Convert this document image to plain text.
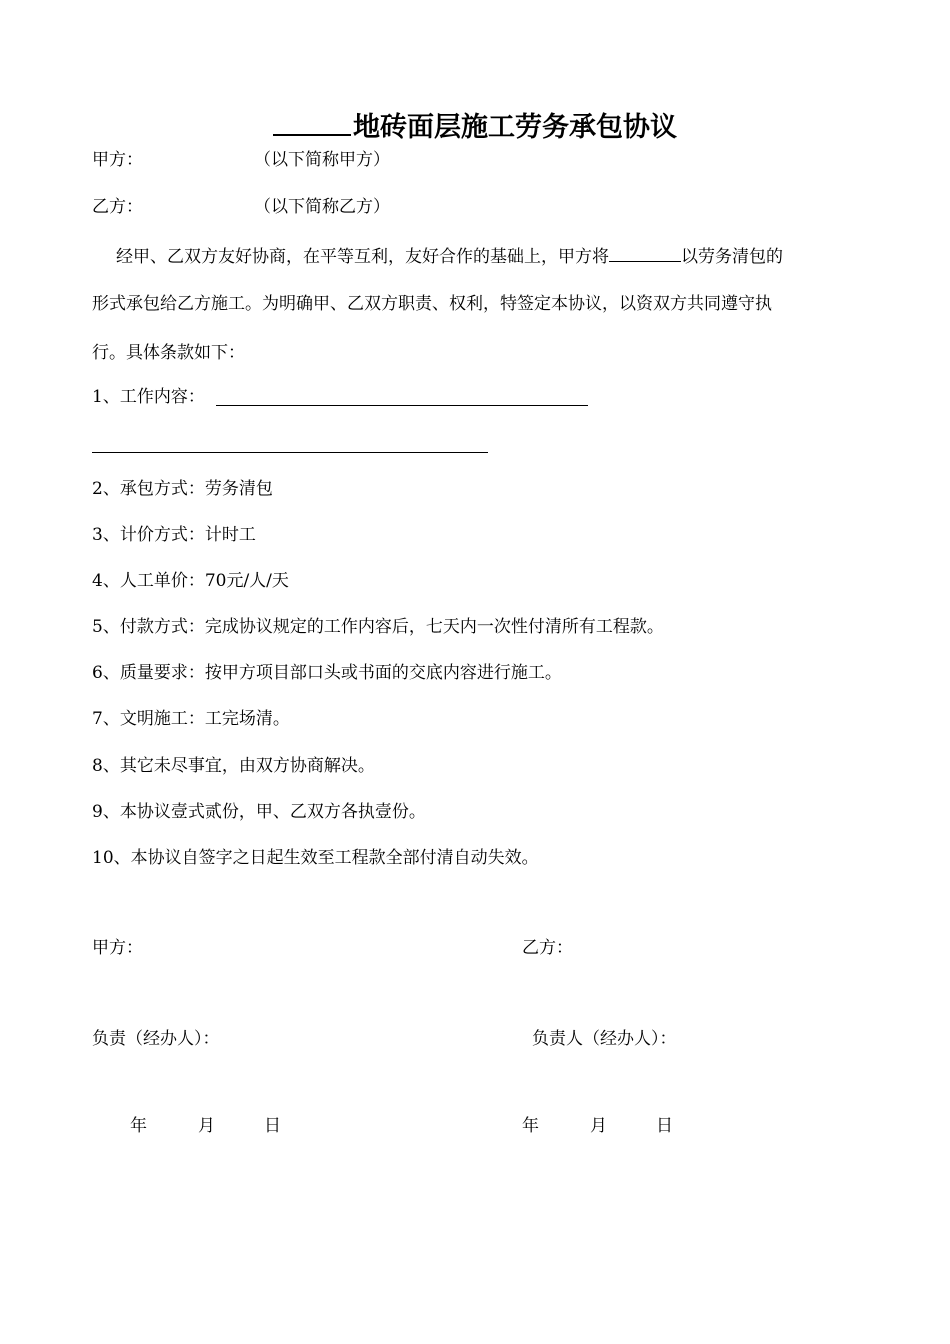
地砖面层施工劳务承包协议
甲方：	（以下简称甲方）
乙方：	（以下简称乙方）
经甲、乙双方友好协商，在平等互利，友好合作的基础上，甲方将	以劳务清包的
形式承包给乙方施工。为明确甲、乙双方职责、权利，特签定本协议，以资双方共同遵守执
行。具体条款如下：
1、工作内容：
2、承包方式：劳务清包
3、计价方式：计时工
4、人工单价：70元/人/天
5、付款方式：完成协议规定的工作内容后，七天内一次性付清所有工程款。
6、质量要求：按甲方项目部口头或书面的交底内容进行施工。
7、文明施工：工完场清。
8、其它未尽事宜，由双方协商解决。
9、本协议壹式贰份，甲、乙双方各执壹份。
10、本协议自签字之日起生效至工程款全部付清自动失效。
甲方：	乙方：
负责（经办人）：	负责人（经办人）：
年	月	日	年	月	日
